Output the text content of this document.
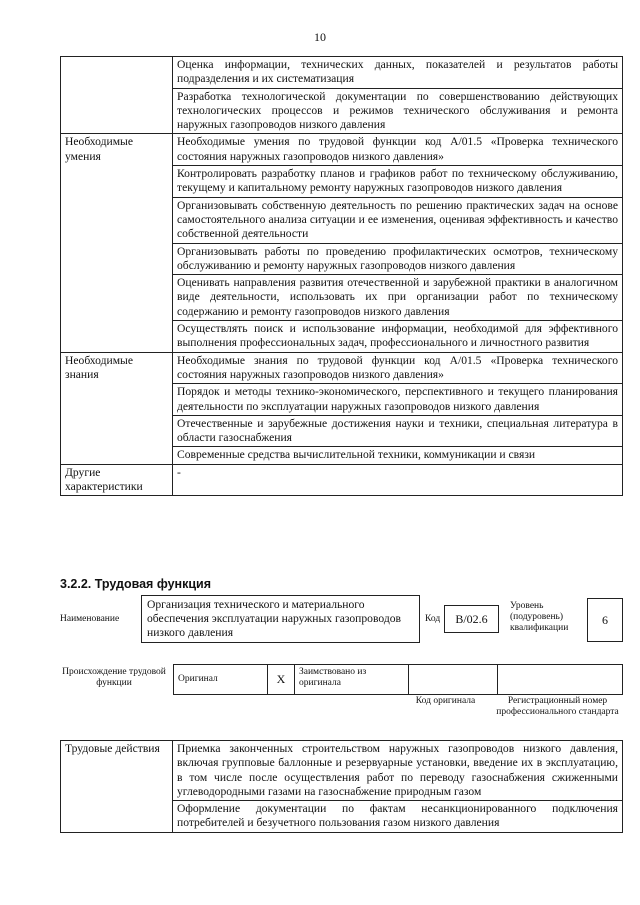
10
	Оценка информации, технических данных, показателей и результатов работы подразделения и их систематизация
	Разработка технологической документации по совершенствованию действующих технологических процессов и режимов технического обслуживания и ремонта наружных газопроводов низкого давления
Необходимые умения	Необходимые умения по трудовой функции код А/01.5 «Проверка технического состояния наружных газопроводов низкого давления»
	Контролировать разработку планов и графиков работ по техническому обслуживанию, текущему и капитальному ремонту наружных газопроводов низкого давления
	Организовывать собственную деятельность по решению практических задач на основе самостоятельного анализа ситуации и ее изменения, оценивая эффективность и качество собственной деятельности
	Организовывать работы по проведению профилактических осмотров, техническому обслуживанию и ремонту наружных газопроводов низкого давления
	Оценивать направления развития отечественной и зарубежной практики в аналогичном виде деятельности, использовать их при организации работ по техническому содержанию и ремонту газопроводов низкого давления
	Осуществлять поиск и использование информации, необходимой для эффективного выполнения профессиональных задач, профессионального и личностного развития
Необходимые знания	Необходимые знания по трудовой функции код А/01.5 «Проверка технического состояния наружных газопроводов низкого давления»
	Порядок и методы технико-экономического, перспективного и текущего планирования деятельности по эксплуатации наружных газопроводов низкого давления
	Отечественные и зарубежные достижения науки и техники, специальная литература в области газоснабжения
	Современные средства вычислительной техники, коммуникации и связи
Другие характеристики	-
3.2.2. Трудовая функция
Наименование
Организация технического и материального обеспечения эксплуатации наружных газопроводов низкого давления
Код	B/02.6
Уровень (подуровень) квалификации
6
Происхождение трудовой функции	Оригинал	X	Заимствовано из оригинала		
Код оригинала	Регистрационный номер профессионального стандарта
Трудовые действия	Приемка законченных строительством наружных газопроводов низкого давления, включая групповые баллонные и резервуарные установки, введение их в эксплуатацию, в том числе после осуществления работ по переводу газоснабжения сжиженными углеводородными газами на газоснабжение природным газом
Оформление документации по фактам несанкционированного подключения потребителей и безучетного пользования газом низкого давления
